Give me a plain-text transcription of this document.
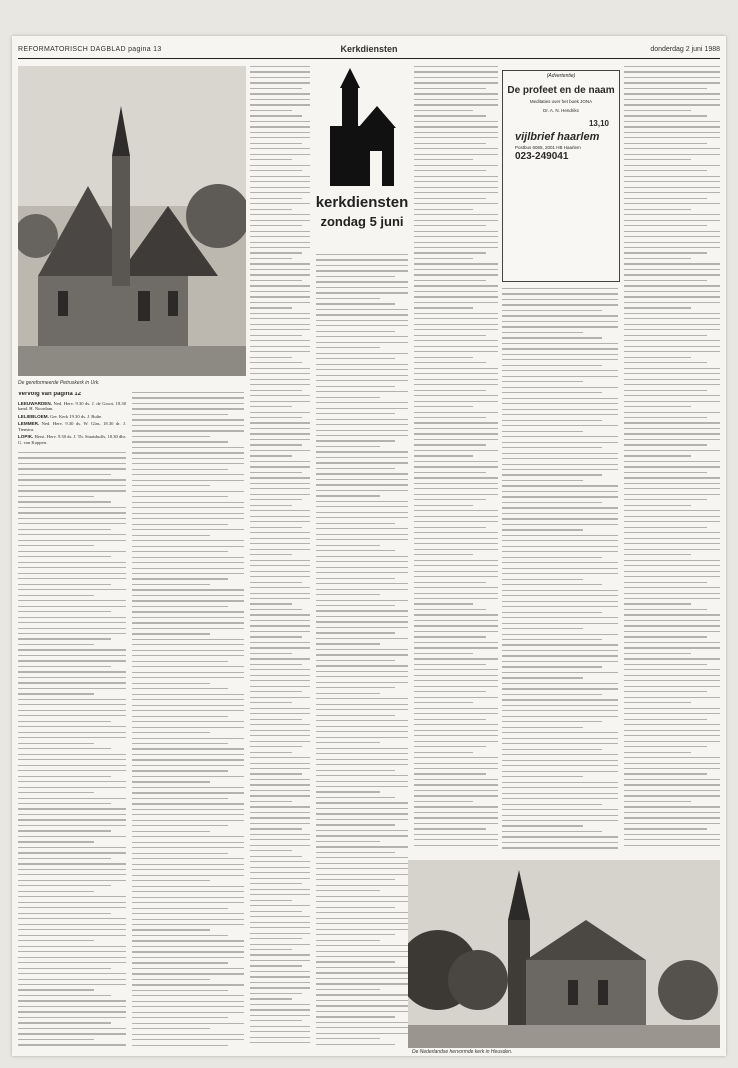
REFORMATORISCH DAGBLAD pagina 13	Kerkdiensten	donderdag 2 juni 1988
De gereformeerde Petruskerk in Urk.
Vervolg van pagina 12

LEEUWARDEN. Ned. Herv. 9.30 ds. J. de Groot, 18.30 kand. H. Noordam.

LELIEBLOEM. Ger. Kerk 19.30 ds. J. Bulte.

LEMMER. Ned. Herv. 9.30 ds. W. Glas, 18.30 dr. J. Tienstra.

LOPIK. Herst. Herv. 9.30 ds. J. Th. Staatsbulfs, 18.30 dhr. G. van Koppen.

kerkdiensten
zondag 5 juni
(Advertentie)
De profeet en de naam
Meditaties over het boek JONA
Dr. A. N. Hendriks
13,10
vijlbrief haarlem
Postbus 6065, 2001 HB Haarlem
023-249041
De Nederlandse hervormde kerk in Heusden.
